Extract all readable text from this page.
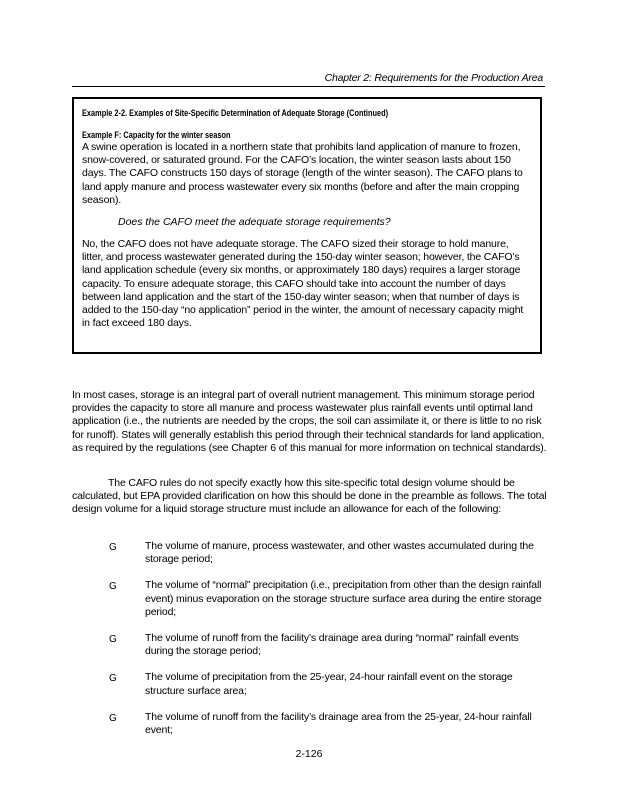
Chapter 2: Requirements for the Production Area
Example 2-2. Examples of Site-Specific Determination of Adequate Storage (Continued)
Example F: Capacity for the winter season

A swine operation is located in a northern state that prohibits land application of manure to frozen, snow-covered, or saturated ground. For the CAFO’s location, the winter season lasts about 150 days. The CAFO constructs 150 days of storage (length of the winter season). The CAFO plans to land apply manure and process wastewater every six months (before and after the main cropping season).

Does the CAFO meet the adequate storage requirements?

No, the CAFO does not have adequate storage. The CAFO sized their storage to hold manure, litter, and process wastewater generated during the 150-day winter season; however, the CAFO’s land application schedule (every six months, or approximately 180 days) requires a larger storage capacity. To ensure adequate storage, this CAFO should take into account the number of days between land application and the start of the 150-day winter season; when that number of days is added to the 150-day “no application” period in the winter, the amount of necessary capacity might in fact exceed 180 days.

In most cases, storage is an integral part of overall nutrient management. This minimum storage period provides the capacity to store all manure and process wastewater plus rainfall events until optimal land application (i.e., the nutrients are needed by the crops, the soil can assimilate it, or there is little to no risk for runoff). States will generally establish this period through their technical standards for land application, as required by the regulations (see Chapter 6 of this manual for more information on technical standards).

The CAFO rules do not specify exactly how this site-specific total design volume should be calculated, but EPA provided clarification on how this should be done in the preamble as follows. The total design volume for a liquid storage structure must include an allowance for each of the following:

G	The volume of manure, process wastewater, and other wastes accumulated during the storage period;
G	The volume of “normal” precipitation (i.e., precipitation from other than the design rainfall event) minus evaporation on the storage structure surface area during the entire storage period;
G	The volume of runoff from the facility’s drainage area during “normal” rainfall events during the storage period;
G	The volume of precipitation from the 25-year, 24-hour rainfall event on the storage structure surface area;
G	The volume of runoff from the facility’s drainage area from the 25-year, 24-hour rainfall event;
2-126
